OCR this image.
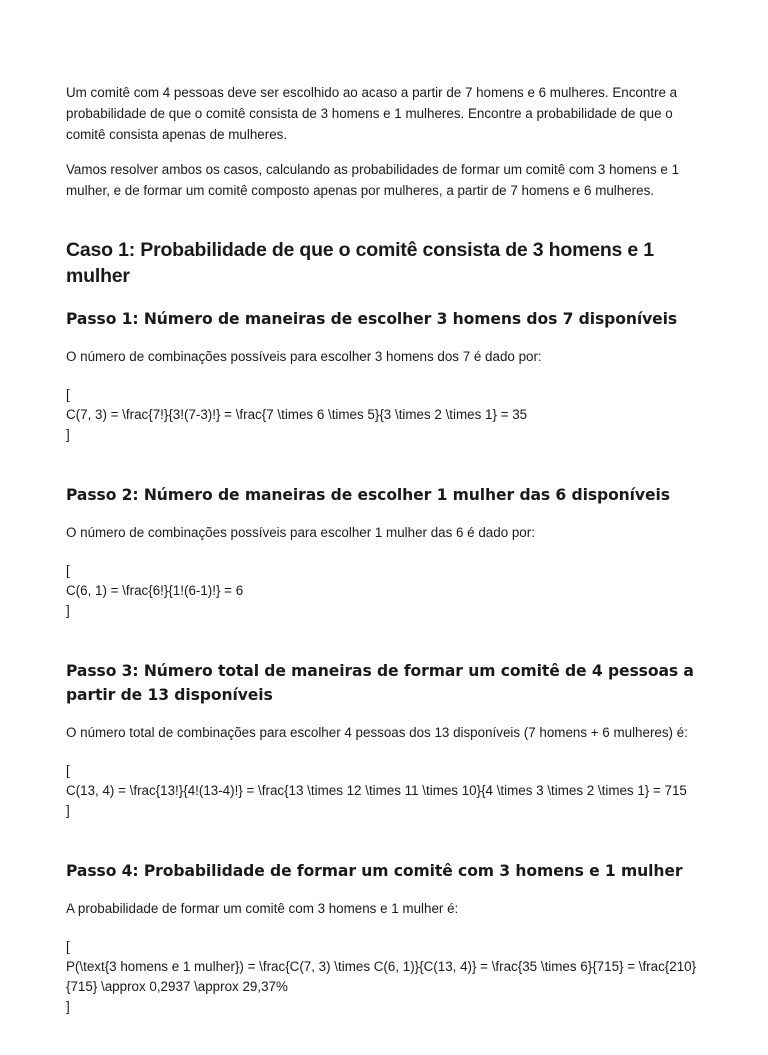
Um comitê com 4 pessoas deve ser escolhido ao acaso a partir de 7 homens e 6 mulheres. Encontre a probabilidade de que o comitê consista de 3 homens e 1 mulheres. Encontre a probabilidade de que o comitê consista apenas de mulheres.

Vamos resolver ambos os casos, calculando as probabilidades de formar um comitê com 3 homens e 1 mulher, e de formar um comitê composto apenas por mulheres, a partir de 7 homens e 6 mulheres.

Caso 1: Probabilidade de que o comitê consista de 3 homens e 1 mulher
Passo 1: Número de maneiras de escolher 3 homens dos 7 disponíveis

O número de combinações possíveis para escolher 3 homens dos 7 é dado por:

[
C(7, 3) = \frac{7!}{3!(7-3)!} = \frac{7 \times 6 \times 5}{3 \times 2 \times 1} = 35
]
Passo 2: Número de maneiras de escolher 1 mulher das 6 disponíveis

O número de combinações possíveis para escolher 1 mulher das 6 é dado por:

[
C(6, 1) = \frac{6!}{1!(6-1)!} = 6
]
Passo 3: Número total de maneiras de formar um comitê de 4 pessoas a partir de 13 disponíveis

O número total de combinações para escolher 4 pessoas dos 13 disponíveis (7 homens + 6 mulheres) é:

[
C(13, 4) = \frac{13!}{4!(13-4)!} = \frac{13 \times 12 \times 11 \times 10}{4 \times 3 \times 2 \times 1} = 715
]
Passo 4: Probabilidade de formar um comitê com 3 homens e 1 mulher

A probabilidade de formar um comitê com 3 homens e 1 mulher é:

[
P(\text{3 homens e 1 mulher}) = \frac{C(7, 3) \times C(6, 1)}{C(13, 4)} = \frac{35 \times 6}{715} = \frac{210}{715} \approx 0,2937 \approx 29,37%
]
